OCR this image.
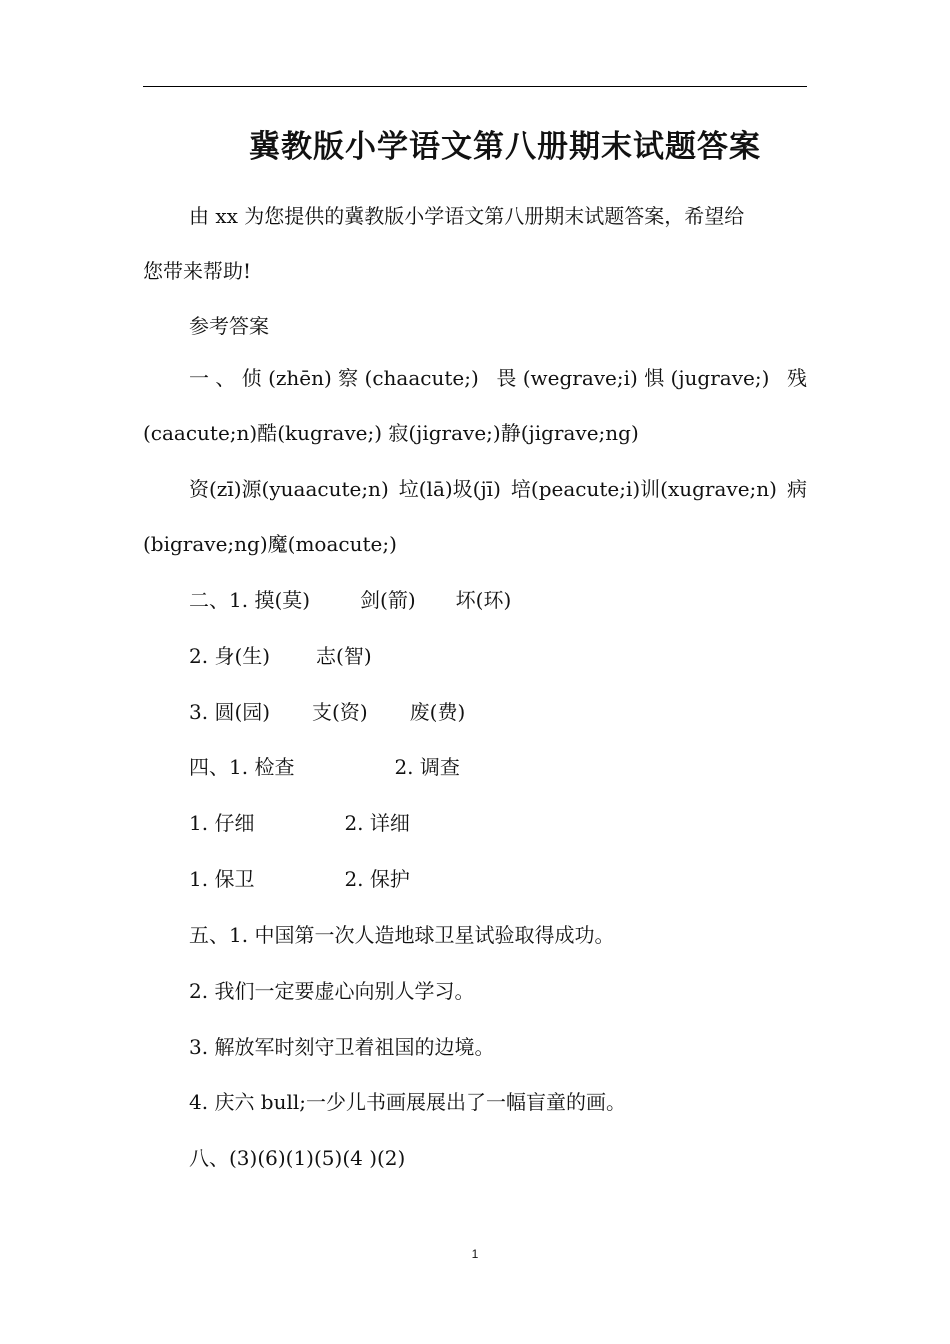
冀教版小学语文第八册期末试题答案
由 xx 为您提供的冀教版小学语文第八册期末试题答案，希望给
您带来帮助!
参考答案
一 、 侦 (zhēn) 察 (chaacute;) 畏 (wegrave;i) 惧 (jugrave;) 残
(caacute;n)酷(kugrave;) 寂(jigrave;)静(jigrave;ng)
资(zī)源(yuaacute;n) 垃(lā)圾(jī) 培(peacute;i)训(xugrave;n) 病
(bigrave;ng)魔(moacute;)
二、1. 摸(莫)	剑(箭) 坏(环)
2. 身(生) 志(智)
3. 圆(园) 支(资) 废(费)
四、1. 检查	2. 调查
1. 仔细	2. 详细
1. 保卫	2. 保护
五、1. 中国第一次人造地球卫星试验取得成功。
2. 我们一定要虚心向别人学习。
3. 解放军时刻守卫着祖国的边境。
4. 庆六 bull;一少儿书画展展出了一幅盲童的画。
八、(3)(6)(1)(5)(4 )(2)
1
